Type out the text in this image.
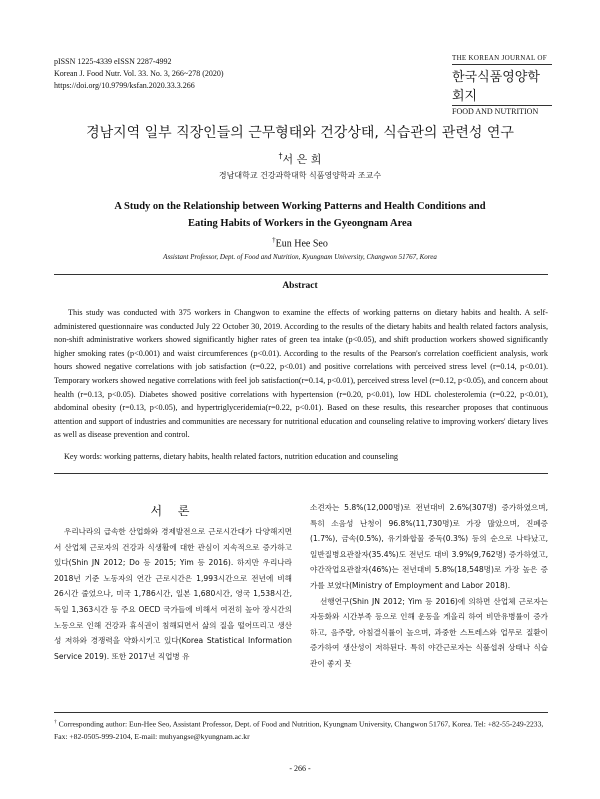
pISSN 1225-4339 eISSN 2287-4992
Korean J. Food Nutr. Vol. 33. No. 3, 266~278 (2020)
https://doi.org/10.9799/ksfan.2020.33.3.266
THE KOREAN JOURNAL OF
한국식품영양학회지
FOOD AND NUTRITION
경남지역 일부 직장인들의 근무형태와 건강상태, 식습관의 관련성 연구
†서 은 희
경남대학교 건강과학대학 식품영양학과 조교수
A Study on the Relationship between Working Patterns and Health Conditions and
Eating Habits of Workers in the Gyeongnam Area
†Eun Hee Seo
Assistant Professor, Dept. of Food and Nutrition, Kyungnam University, Changwon 51767, Korea
Abstract
This study was conducted with 375 workers in Changwon to examine the effects of working patterns on dietary habits and health. A self-administered questionnaire was conducted July 22 October 30, 2019. According to the results of the dietary habits and health related factors analysis, non-shift administrative workers showed significantly higher rates of green tea intake (p<0.05), and shift production workers showed significantly higher smoking rates (p<0.001) and waist circumferences (p<0.01). According to the results of the Pearson's correlation coefficient analysis, work hours showed negative correlations with job satisfaction (r=0.22, p<0.01) and positive correlations with perceived stress level (r=0.14, p<0.01). Temporary workers showed negative correlations with feel job satisfaction(r=0.14, p<0.01), perceived stress level (r=0.12, p<0.05), and concern about health (r=0.13, p<0.05). Diabetes showed positive correlations with hypertension (r=0.20, p<0.01), low HDL cholesterolemia (r=0.22, p<0.01), abdominal obesity (r=0.13, p<0.05), and hypertriglyceridemia(r=0.22, p<0.01). Based on these results, this researcher proposes that continuous attention and support of industries and communities are necessary for nutritional education and counseling relative to improving workers' dietary lives as well as disease prevention and control.
Key words: working patterns, dietary habits, health related factors, nutrition education and counseling
서 론
우리나라의 급속한 산업화와 경제발전으로 근로시간대가 다양해지면서 산업체 근로자의 건강과 식생활에 대한 관심이 지속적으로 증가하고 있다(Shin JN 2012; Do 등 2015; Yim 등 2016). 하지만 우리나라 2018년 기준 노동자의 연간 근로시간은 1,993시간으로 전년에 비해 26시간 줄었으나, 미국 1,786시간, 일본 1,680시간, 영국 1,538시간, 독일 1,363시간 등 주요 OECD 국가들에 비해서 여전히 높아 장시간의 노동으로 인해 건강과 휴식권이 침해되면서 삶의 질을 떨어뜨리고 생산성 저하와 경쟁력을 약화시키고 있다(Korea Statistical Information Service 2019). 또한 2017년 직업병 유

소견자는 5.8%(12,000명)로 전년대비 2.6%(307명) 증가하였으며, 특히 소음성 난청이 96.8%(11,730명)로 가장 많았으며, 진폐증(1.7%), 금속(0.5%), 유기화합물 중독(0.3%) 등의 순으로 나타났고, 일반질병요관찰자(35.4%)도 전년도 대비 3.9%(9,762명) 증가하였고, 야간작업요관찰자(46%)는 전년대비 5.8%(18,548명)로 가장 높은 증가를 보였다(Ministry of Employment and Labor 2018).

선행연구(Shin JN 2012; Yim 등 2016)에 의하면 산업체 근로자는 자동화와 시간부족 등으로 인해 운동을 게을리 하여 비만유병률이 증가하고, 음주량, 아침결식률이 높으며, 과중한 스트레스와 업무로 질환이 증가하여 생산성이 저하된다. 특히 야간근로자는 식품섭취 상태나 식습관이 좋지 못

† Corresponding author: Eun-Hee Seo, Assistant Professor, Dept. of Food and Nutrition, Kyungnam University, Changwon 51767, Korea. Tel: +82-55-249-2233, Fax: +82-0505-999-2104, E-mail: muhyangse@kyungnam.ac.kr
- 266 -
